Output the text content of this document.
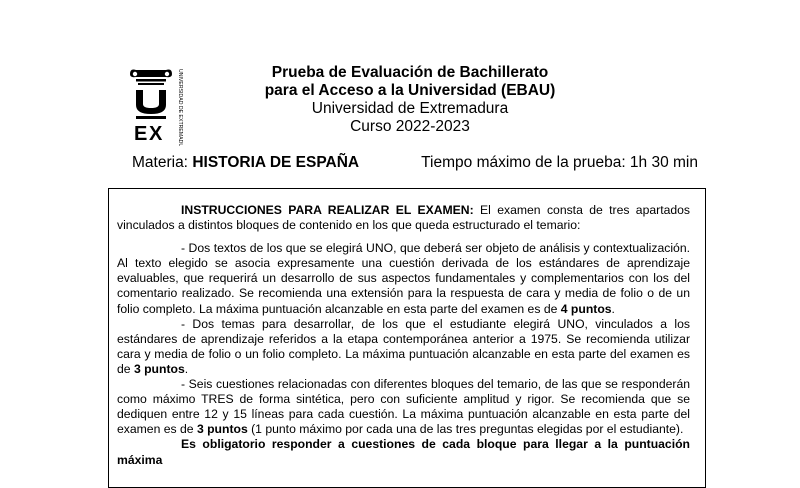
E X	UNIVERSIDAD DE EXTREMADURA	Prueba de Evaluación de Bachillerato
para el Acceso a la Universidad (EBAU)
Universidad de Extremadura
Curso 2022-2023
Materia: HISTORIA DE ESPAÑA	Tiempo máximo de la prueba: 1h 30 min

INSTRUCCIONES PARA REALIZAR EL EXAMEN: El examen consta de tres apartados vinculados a distintos bloques de contenido en los que queda estructurado el temario:

- Dos textos de los que se elegirá UNO, que deberá ser objeto de análisis y contextualización. Al texto elegido se asocia expresamente una cuestión derivada de los estándares de aprendizaje evaluables, que requerirá un desarrollo de sus aspectos fundamentales y complementarios con los del comentario realizado. Se recomienda una extensión para la respuesta de cara y media de folio o de un folio completo. La máxima puntuación alcanzable en esta parte del examen es de 4 puntos.

- Dos temas para desarrollar, de los que el estudiante elegirá UNO, vinculados a los estándares de aprendizaje referidos a la etapa contemporánea anterior a 1975. Se recomienda utilizar cara y media de folio o un folio completo. La máxima puntuación alcanzable en esta parte del examen es de 3 puntos.

- Seis cuestiones relacionadas con diferentes bloques del temario, de las que se responderán como máximo TRES de forma sintética, pero con suficiente amplitud y rigor. Se recomienda que se dediquen entre 12 y 15 líneas para cada cuestión. La máxima puntuación alcanzable en esta parte del examen es de 3 puntos (1 punto máximo por cada una de las tres preguntas elegidas por el estudiante).

Es obligatorio responder a cuestiones de cada bloque para llegar a la puntuación máxima
